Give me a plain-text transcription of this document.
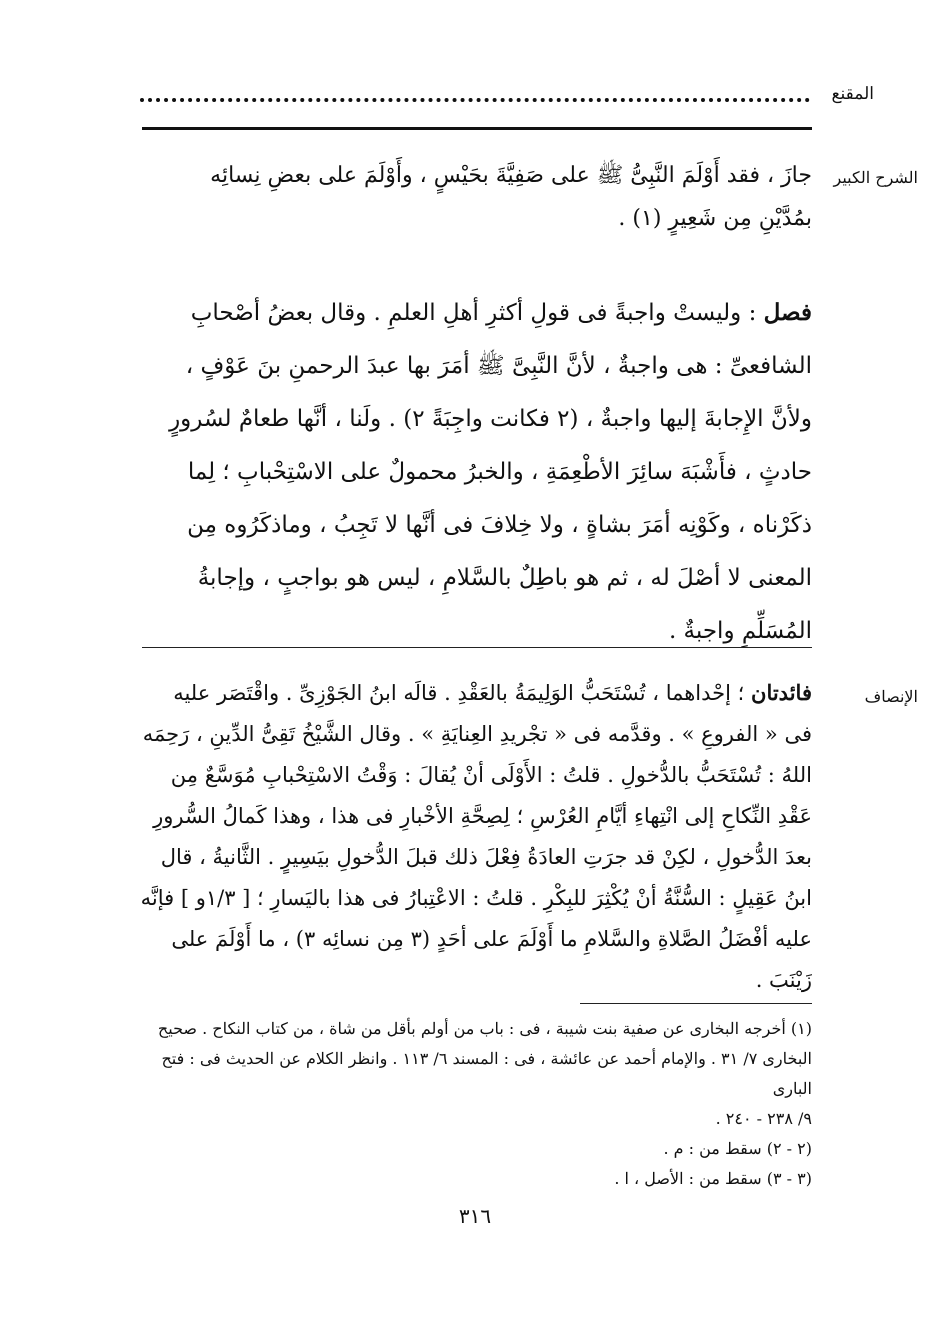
المقنع
الشرح الكبير
الإنصاف

جازَ ، فقد أَوْلَمَ النَّبِىُّ ﷺ على صَفِيَّةَ بحَيْسٍ ، وأَوْلَمَ على بعضِ نِسائِه

بمُدَّيْنِ مِن شَعِيرٍ (١) .

فصل : وليستْ واجبةً فى قولِ أكثرِ أهلِ العلمِ . وقال بعضُ أصْحابِ

الشافعىِّ : هى واجبةٌ ، لأنَّ النَّبِىَّ ﷺ أمَرَ بها عبدَ الرحمنِ بنَ عَوْفٍ ،

ولأنَّ الإِجابةَ إليها واجبةٌ ، (٢ فكانت واجِبَةً ٢) . ولَنا ، أنَّها طعامٌ لسُرورٍ

حادثٍ ، فأَشْبَهَ سائِرَ الأطْعِمَةِ ، والخبرُ محمولٌ على الاسْتِحْبابِ ؛ لِما

ذكَرْناه ، وكَوْنِه أمَرَ بشاةٍ ، ولا خِلافَ فى أنَّها لا تَجِبُ ، وماذكَرُوه مِن

المعنى لا أصْلَ له ، ثم هو باطِلٌ بالسَّلامِ ، ليس هو بواجبٍ ، وإجابةُ

المُسَلِّمِ واجبةٌ .

فائدتان ؛ إحْداهما ، تُسْتَحَبُّ الوَلِيمَةُ بالعَقْدِ . قالَه ابنُ الجَوْزِىِّ . واقْتَصَر عليه

فى « الفروعِ » . وقدَّمه فى « تجْريدِ العِنايَةِ » . وقال الشَّيْخُ تَقِىُّ الدِّينِ ، رَحِمَه

اللهُ : تُسْتَحَبُّ بالدُّخولِ . قلتُ : الأَوْلَى أنْ يُقالَ : وَقْتُ الاسْتِحْبابِ مُوَسَّعٌ مِن

عَقْدِ النِّكاحِ إلى انْتِهاءِ أيَّامِ العُرْسِ ؛ لِصِحَّةِ الأخْبارِ فى هذا ، وهذا كَمالُ السُّرورِ

بعدَ الدُّخولِ ، لكِنْ قد جرَتِ العادَةُ فِعْلَ ذلك قبلَ الدُّخولِ بيَسِيرٍ . الثَّانيةُ ، قال

ابنُ عَقِيلٍ : السُّنَّةُ أنْ يُكْثِرَ للبِكْرِ . قلتُ : الاعْتِبارُ فى هذا باليَسارِ ؛ [ ١/٣و ] فإنَّه

عليه أفْضَلُ الصَّلاةِ والسَّلامِ ما أَوْلَمَ على أحَدٍ (٣ مِن نسائِه ٣) ، ما أَوْلَمَ على زَيْنَبَ .

(١) أخرجه البخارى عن صفية بنت شيبة ، فى : باب من أولم بأقل من شاة ، من كتاب النكاح . صحيح

البخارى ٧/ ٣١ . والإمام أحمد عن عائشة ، فى : المسند ٦/ ١١٣ . وانظر الكلام عن الحديث فى : فتح البارى

٩/ ٢٣٨ - ٢٤٠ .

(٢ - ٢) سقط من : م .

(٣ - ٣) سقط من : الأصل ، ا .

٣١٦
